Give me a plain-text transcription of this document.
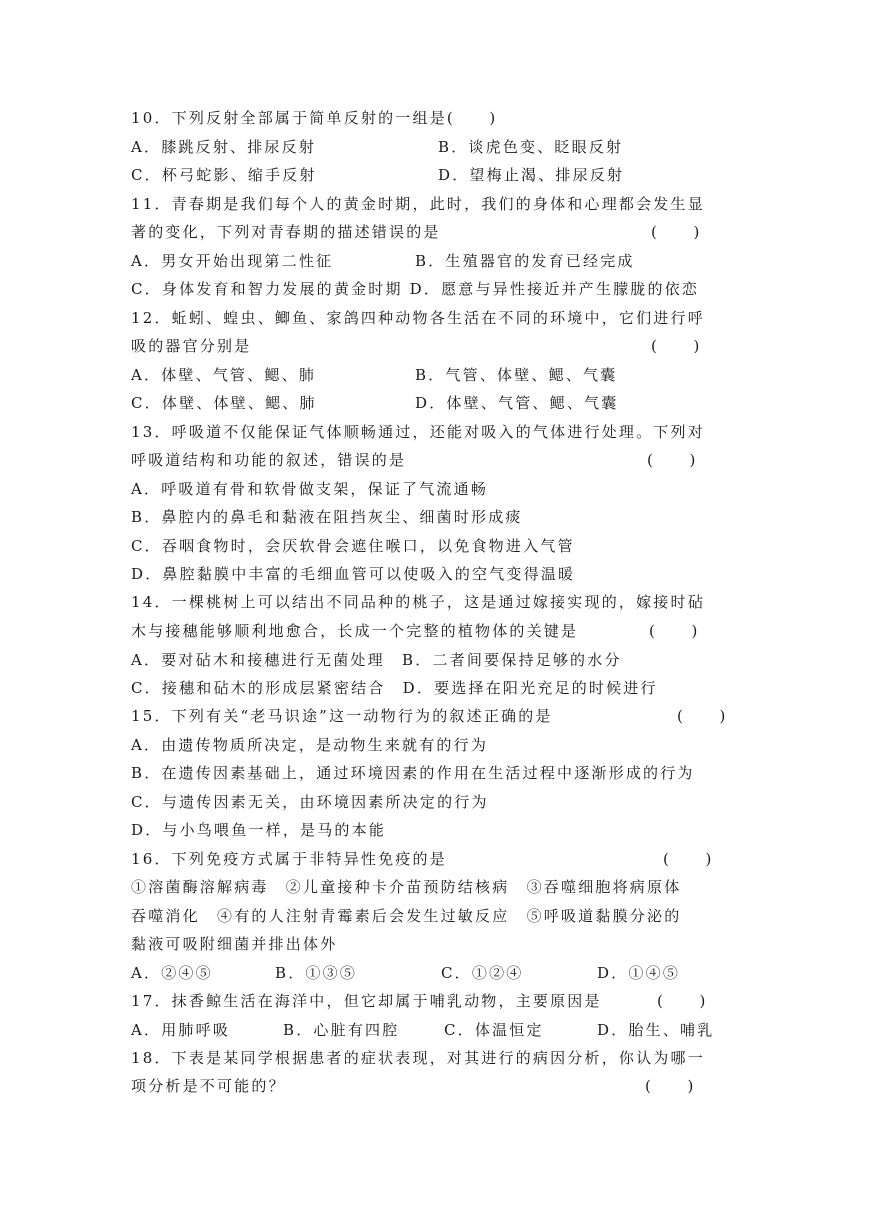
10．下列反射全部属于简单反射的一组是(　　)
A．膝跳反射、排尿反射	B．谈虎色变、眨眼反射
C．杯弓蛇影、缩手反射	D．望梅止渴、排尿反射
11．青春期是我们每个人的黄金时期，此时，我们的身体和心理都会发生显
著的变化，下列对青春期的描述错误的是	(　　)
A．男女开始出现第二性征	B．生殖器官的发育已经完成
C．身体发育和智力发展的黄金时期 D．愿意与异性接近并产生朦胧的依恋
12．蚯蚓、蝗虫、鲫鱼、家鸽四种动物各生活在不同的环境中，它们进行呼
吸的器官分别是	(　　)
A．体壁、气管、鳃、肺	B．气管、体壁、鳃、气囊
C．体壁、体壁、鳃、肺	D．体壁、气管、鳃、气囊
13．呼吸道不仅能保证气体顺畅通过，还能对吸入的气体进行处理。下列对
呼吸道结构和功能的叙述，错误的是	(　　)
A．呼吸道有骨和软骨做支架，保证了气流通畅
B．鼻腔内的鼻毛和黏液在阻挡灰尘、细菌时形成痰
C．吞咽食物时，会厌软骨会遮住喉口，以免食物进入气管
D．鼻腔黏膜中丰富的毛细血管可以使吸入的空气变得温暖
14．一棵桃树上可以结出不同品种的桃子，这是通过嫁接实现的，嫁接时砧
木与接穗能够顺利地愈合，长成一个完整的植物体的关键是	(　　)
A．要对砧木和接穗进行无菌处理　B．二者间要保持足够的水分
C．接穗和砧木的形成层紧密结合　D．要选择在阳光充足的时候进行
15．下列有关“老马识途”这一动物行为的叙述正确的是	(　　)
A．由遗传物质所决定，是动物生来就有的行为
B．在遗传因素基础上，通过环境因素的作用在生活过程中逐渐形成的行为
C．与遗传因素无关，由环境因素所决定的行为
D．与小鸟喂鱼一样，是马的本能
16．下列免疫方式属于非特异性免疫的是	(　　)
①溶菌酶溶解病毒　②儿童接种卡介苗预防结核病　③吞噬细胞将病原体
吞噬消化　④有的人注射青霉素后会发生过敏反应　⑤呼吸道黏膜分泌的
黏液可吸附细菌并排出体外
A．②④⑤	B．①③⑤	C．①②④	D．①④⑤
17．抹香鲸生活在海洋中，但它却属于哺乳动物，主要原因是	(　　)
A．用肺呼吸	B．心脏有四腔	C．体温恒定	D．胎生、哺乳
18．下表是某同学根据患者的症状表现，对其进行的病因分析，你认为哪一
项分析是不可能的？	(　　)
